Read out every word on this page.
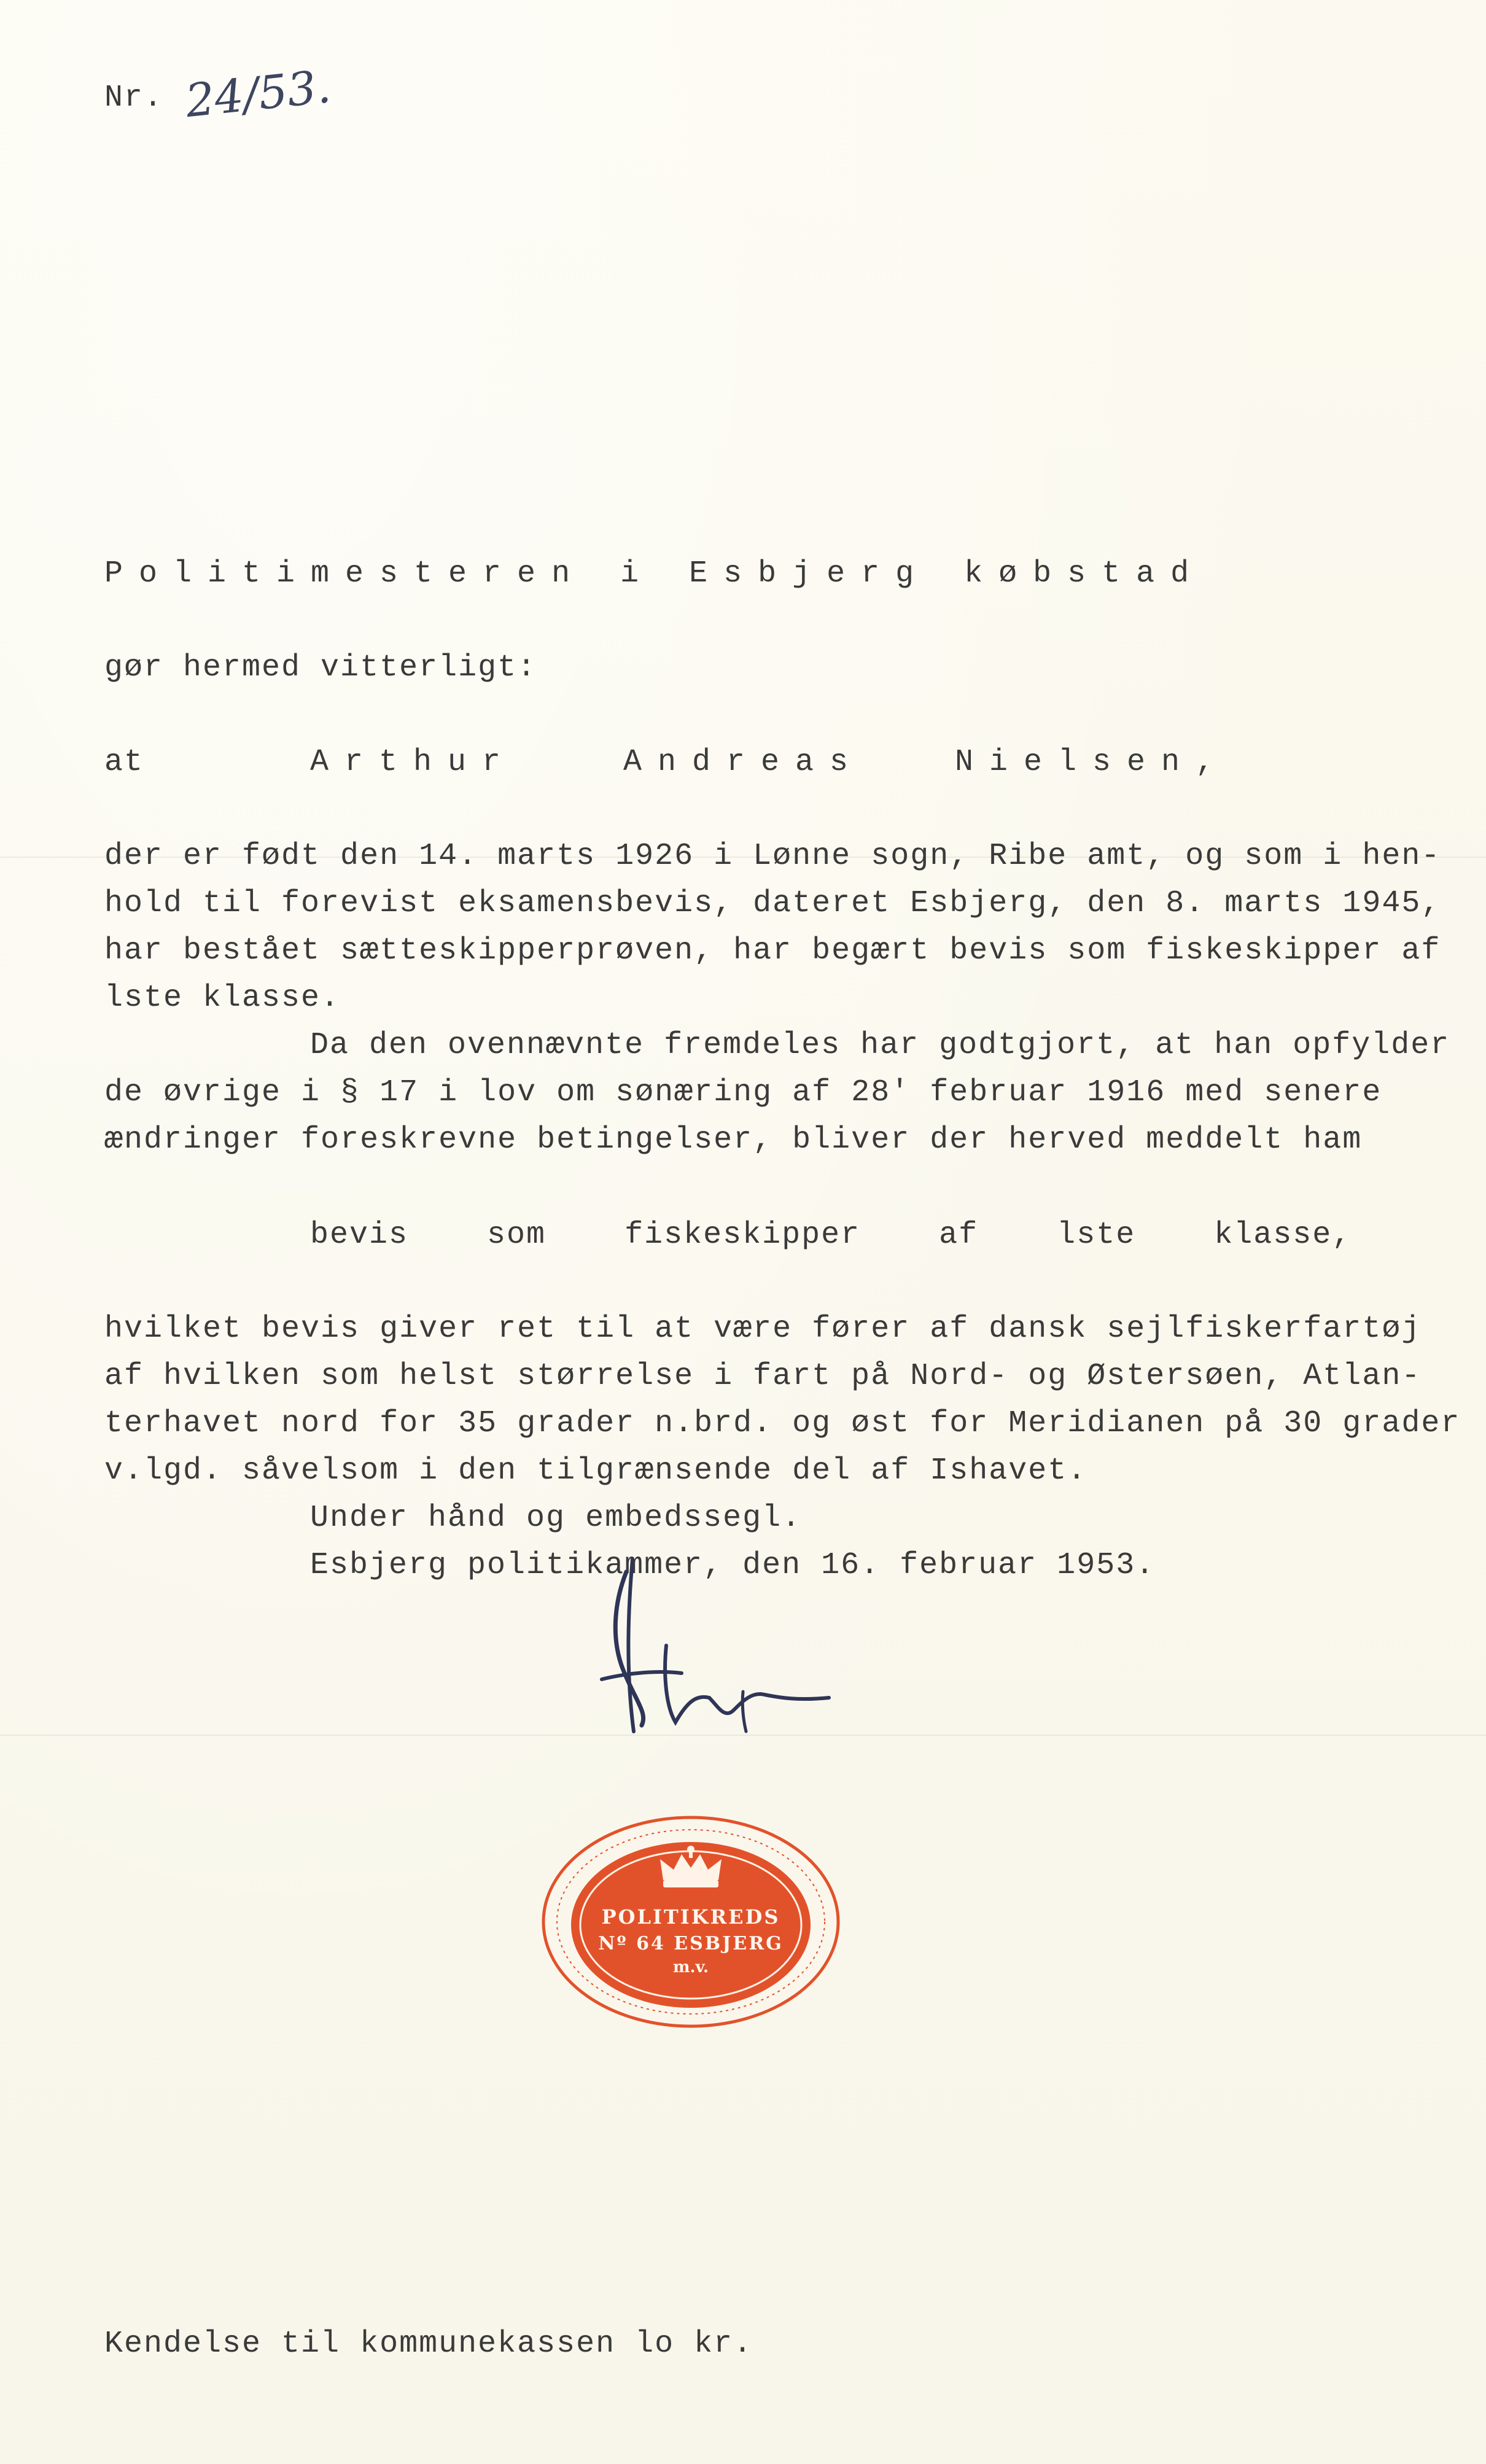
Nr. 24/53.
Politimesteren i Esbjerg købstad
gør hermed vitterligt:
at	Arthur	Andreas	Nielsen,
der er født den 14. marts 1926 i Lønne sogn, Ribe amt, og som i hen-
hold til forevist eksamensbevis, dateret Esbjerg, den 8. marts 1945,
har bestået sætteskipperprøven, har begært bevis som fiskeskipper af
lste klasse.
Da den ovennævnte fremdeles har godtgjort, at han opfylder
de øvrige i § 17 i lov om sønæring af 28' februar 1916 med senere
ændringer foreskrevne betingelser, bliver der herved meddelt ham
bevis    som    fiskeskipper    af    lste    klasse,
hvilket bevis giver ret til at være fører af dansk sejlfiskerfartøj
af hvilken som helst størrelse i fart på Nord- og Østersøen, Atlan-
terhavet nord for 35 grader n.brd. og øst for Meridianen på 30 grader
v.lgd. såvelsom i den tilgrænsende del af Ishavet.
Under hånd og embedssegl.
Esbjerg politikammer, den 16. februar 1953.
POLITIKREDS
Nº 64 ESBJERG
m.v.
Kendelse til kommunekassen lo kr.
